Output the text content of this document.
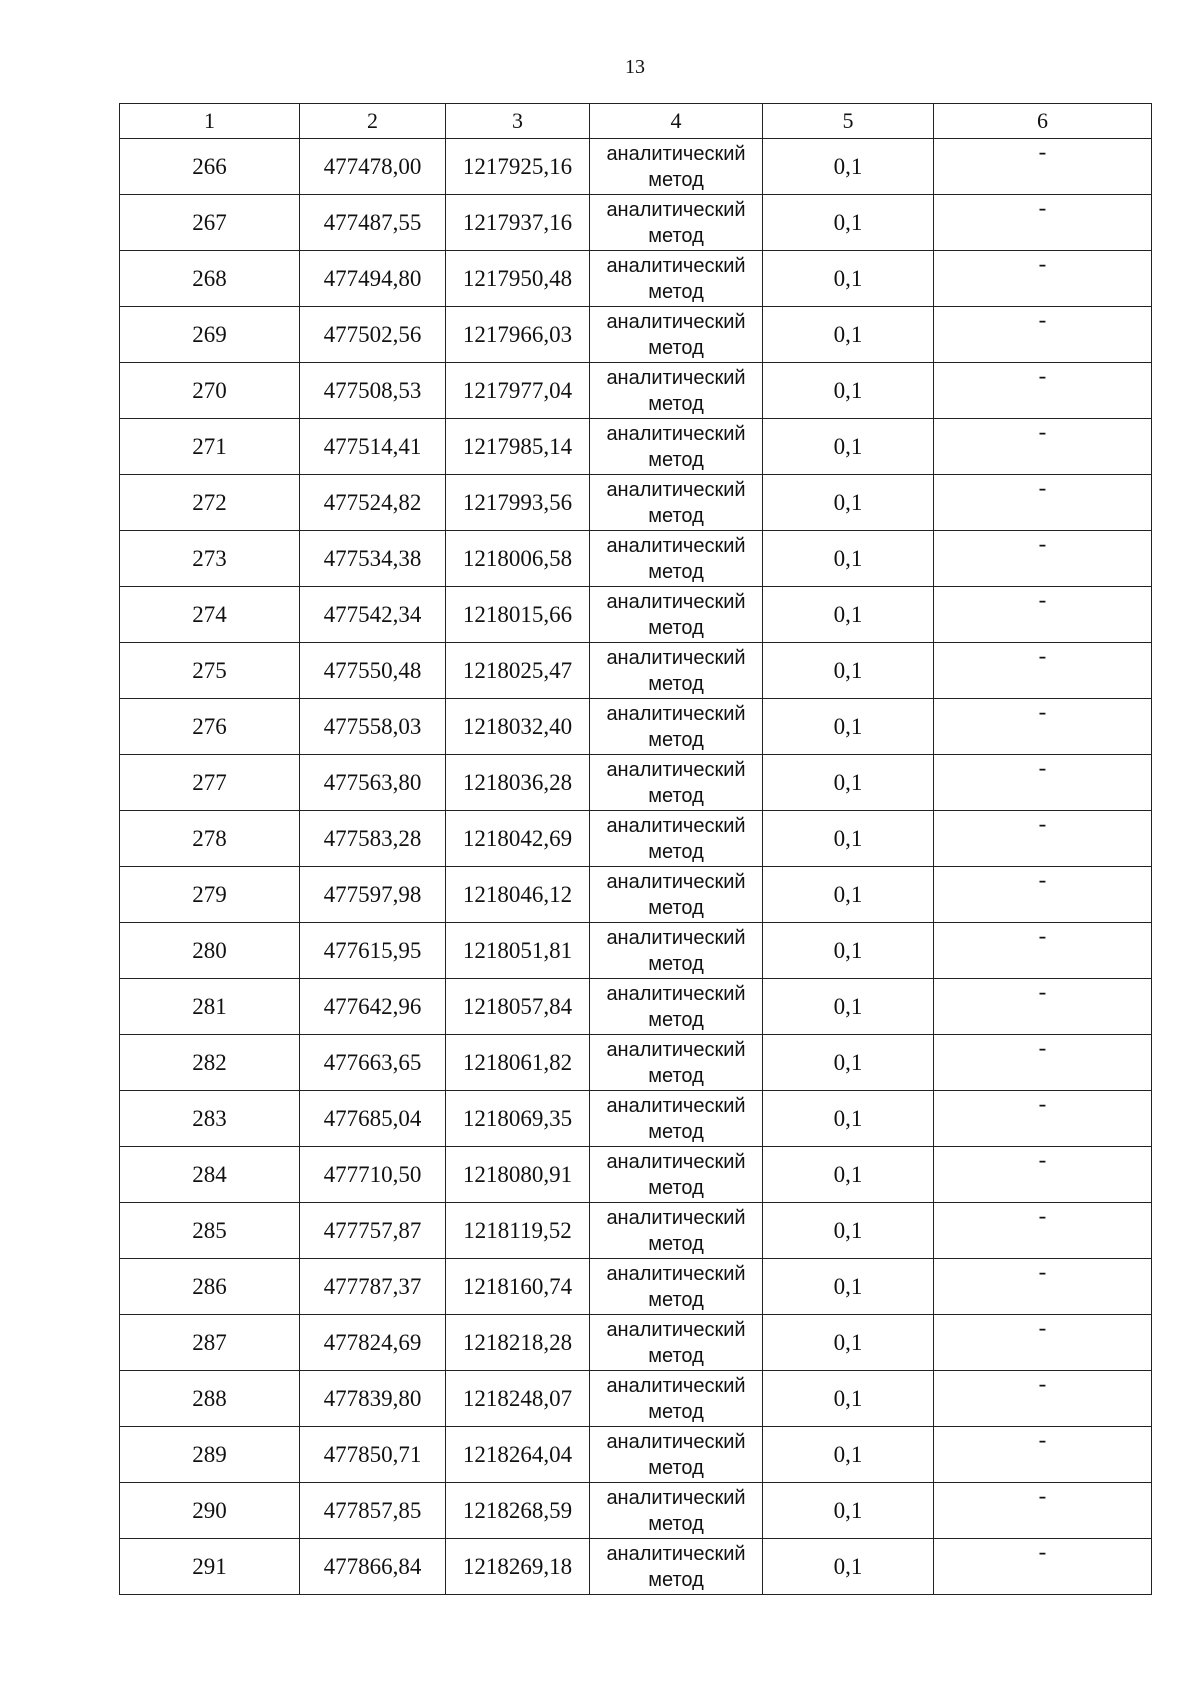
13
1	2	3	4	5	6
266	477478,00	1217925,16	аналитический
метод	0,1	-
267	477487,55	1217937,16	аналитический
метод	0,1	-
268	477494,80	1217950,48	аналитический
метод	0,1	-
269	477502,56	1217966,03	аналитический
метод	0,1	-
270	477508,53	1217977,04	аналитический
метод	0,1	-
271	477514,41	1217985,14	аналитический
метод	0,1	-
272	477524,82	1217993,56	аналитический
метод	0,1	-
273	477534,38	1218006,58	аналитический
метод	0,1	-
274	477542,34	1218015,66	аналитический
метод	0,1	-
275	477550,48	1218025,47	аналитический
метод	0,1	-
276	477558,03	1218032,40	аналитический
метод	0,1	-
277	477563,80	1218036,28	аналитический
метод	0,1	-
278	477583,28	1218042,69	аналитический
метод	0,1	-
279	477597,98	1218046,12	аналитический
метод	0,1	-
280	477615,95	1218051,81	аналитический
метод	0,1	-
281	477642,96	1218057,84	аналитический
метод	0,1	-
282	477663,65	1218061,82	аналитический
метод	0,1	-
283	477685,04	1218069,35	аналитический
метод	0,1	-
284	477710,50	1218080,91	аналитический
метод	0,1	-
285	477757,87	1218119,52	аналитический
метод	0,1	-
286	477787,37	1218160,74	аналитический
метод	0,1	-
287	477824,69	1218218,28	аналитический
метод	0,1	-
288	477839,80	1218248,07	аналитический
метод	0,1	-
289	477850,71	1218264,04	аналитический
метод	0,1	-
290	477857,85	1218268,59	аналитический
метод	0,1	-
291	477866,84	1218269,18	аналитический
метод	0,1	-
